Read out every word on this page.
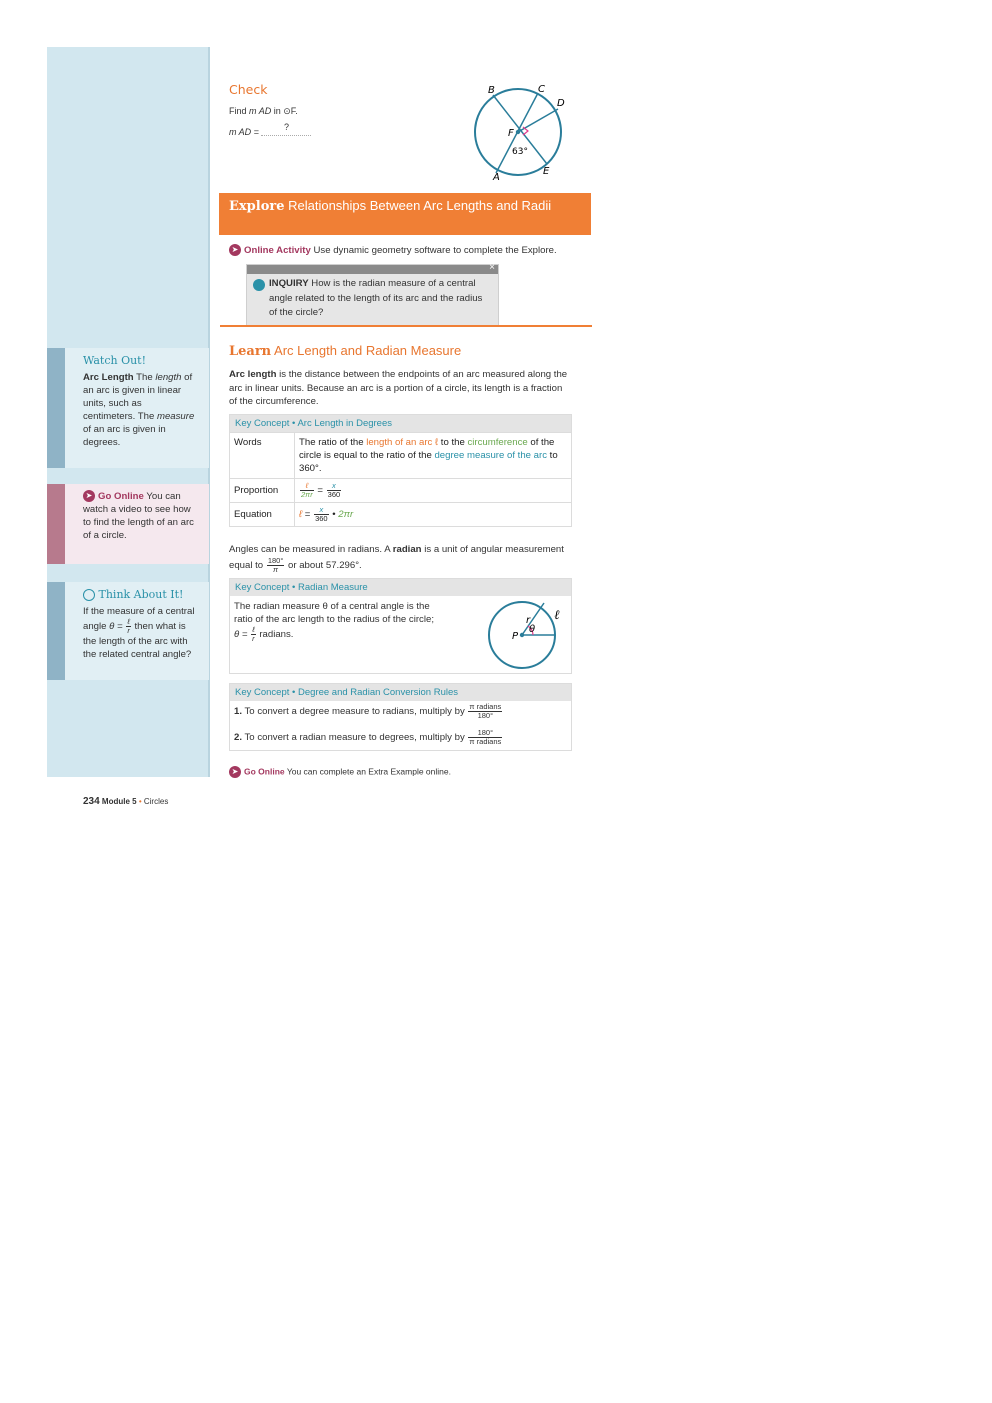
Watch Out!
Arc Length The length of an arc is given in linear units, such as centimeters. The measure of an arc is given in degrees.
➤ Go Online You can watch a video to see how to find the length of an arc of a circle.
Think About It!
If the measure of a central angle $\theta = \frac{\text{ℓ}}{r}$ then what is the length of the arc with the related central angle?
Check
Find m AD in ⊙F.
m AD =	?
B	C
D
F
A
E
63°
Explore Relationships Between Arc Lengths and Radii
➤ Online Activity Use dynamic geometry software to complete the Explore.
×
INQUIRY How is the radian measure of a central angle related to the length of its arc and the radius of the circle?
Learn Arc Length and Radian Measure
Arc length is the distance between the endpoints of an arc measured along the arc in linear units. Because an arc is a portion of a circle, its length is a fraction of the circumference.
Key Concept • Arc Length in Degrees
Words	The ratio of the length of an arc ℓ to the circumference of the circle is equal to the ratio of the degree measure of the arc to 360°.
Proportion	$\frac{\text{ℓ}}{2\pi r} = \frac{x}{360}$

Equation	ℓ = $\frac{x}{360}$ • 2πr
Angles can be measured in radians. A radian is a unit of angular measurement equal to $\frac{180^\circ}{\pi}$ or about 57.296°.
Key Concept • Radian Measure
The radian measure θ of a central angle is the
ratio of the arc length to the radius of the circle;
$\theta = \frac{\text{ℓ}}{r}$ radians.
ℓ
r
θ
P
Key Concept • Degree and Radian Conversion Rules
1. To convert a degree measure to radians, multiply by $\frac{\text{π radians}}{180^\circ}$
2. To convert a radian measure to degrees, multiply by $\frac{180^\circ}{\text{π radians}}$
➤ Go Online You can complete an Extra Example online.
234 Module 5 • Circles
